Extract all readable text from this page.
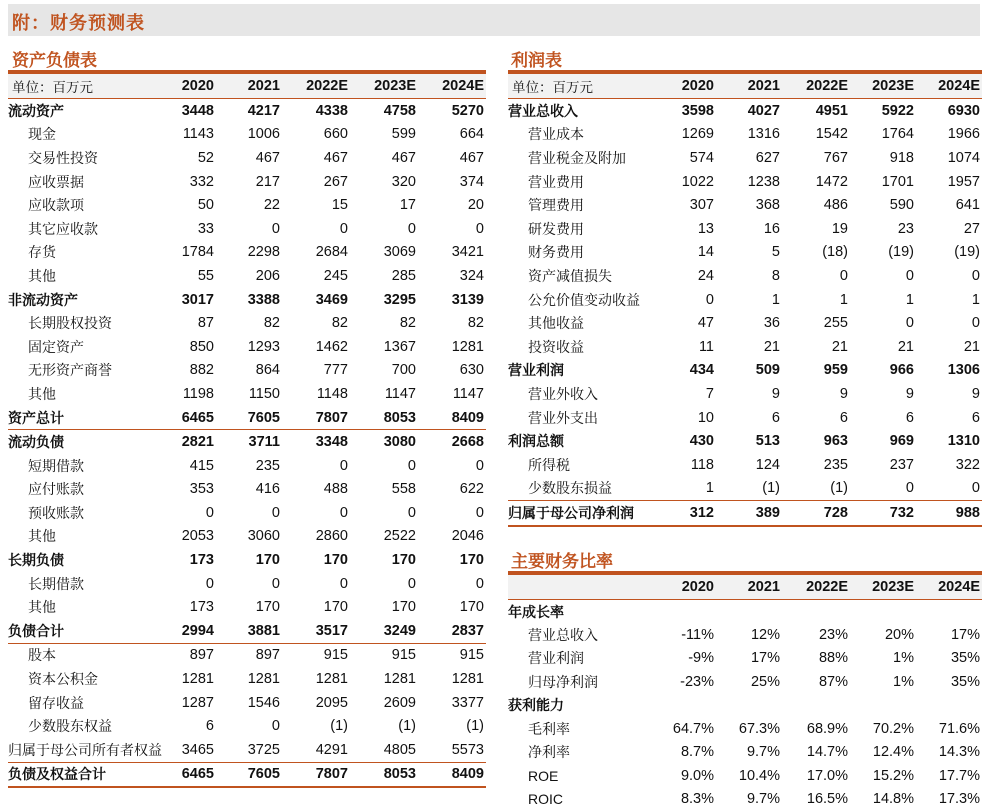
附：财务预测表
资产负债表
单位：百万元	2020	2021	2022E	2023E	2024E
流动资产	3448	4217	4338	4758	5270
现金	1143	1006	660	599	664
交易性投资	52	467	467	467	467
应收票据	332	217	267	320	374
应收款项	50	22	15	17	20
其它应收款	33	0	0	0	0
存货	1784	2298	2684	3069	3421
其他	55	206	245	285	324
非流动资产	3017	3388	3469	3295	3139
长期股权投资	87	82	82	82	82
固定资产	850	1293	1462	1367	1281
无形资产商誉	882	864	777	700	630
其他	1198	1150	1148	1147	1147
资产总计	6465	7605	7807	8053	8409
流动负债	2821	3711	3348	3080	2668
短期借款	415	235	0	0	0
应付账款	353	416	488	558	622
预收账款	0	0	0	0	0
其他	2053	3060	2860	2522	2046
长期负债	173	170	170	170	170
长期借款	0	0	0	0	0
其他	173	170	170	170	170
负债合计	2994	3881	3517	3249	2837
股本	897	897	915	915	915
资本公积金	1281	1281	1281	1281	1281
留存收益	1287	1546	2095	2609	3377
少数股东权益	6	0	(1)	(1)	(1)
归属于母公司所有者权益	3465	3725	4291	4805	5573
负债及权益合计	6465	7605	7807	8053	8409
利润表
单位：百万元	2020	2021	2022E	2023E	2024E
营业总收入	3598	4027	4951	5922	6930
营业成本	1269	1316	1542	1764	1966
营业税金及附加	574	627	767	918	1074
营业费用	1022	1238	1472	1701	1957
管理费用	307	368	486	590	641
研发费用	13	16	19	23	27
财务费用	14	5	(18)	(19)	(19)
资产减值损失	24	8	0	0	0
公允价值变动收益	0	1	1	1	1
其他收益	47	36	255	0	0
投资收益	11	21	21	21	21
营业利润	434	509	959	966	1306
营业外收入	7	9	9	9	9
营业外支出	10	6	6	6	6
利润总额	430	513	963	969	1310
所得税	118	124	235	237	322
少数股东损益	1	(1)	(1)	0	0
归属于母公司净利润	312	389	728	732	988
主要财务比率
	2020	2021	2022E	2023E	2024E
年成长率					
营业总收入	-11%	12%	23%	20%	17%
营业利润	-9%	17%	88%	1%	35%
归母净利润	-23%	25%	87%	1%	35%
获利能力					
毛利率	64.7%	67.3%	68.9%	70.2%	71.6%
净利率	8.7%	9.7%	14.7%	12.4%	14.3%
ROE	9.0%	10.4%	17.0%	15.2%	17.7%
ROIC	8.3%	9.7%	16.5%	14.8%	17.3%
